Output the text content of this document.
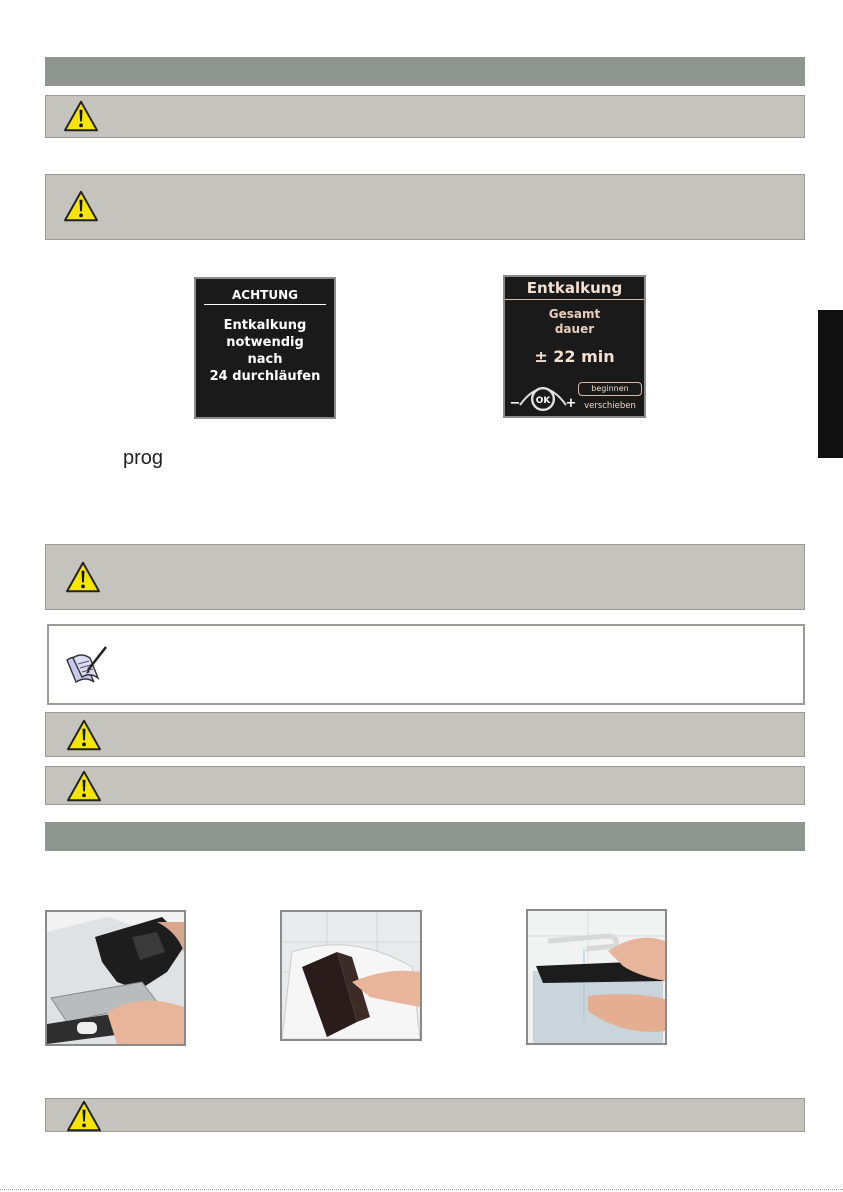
ACHTUNG
Entkalkung
notwendig
nach
24 durchläufen
Entkalkung
Gesamt
dauer
± 22 min
OK
−	+
beginnen
verschieben
prog
